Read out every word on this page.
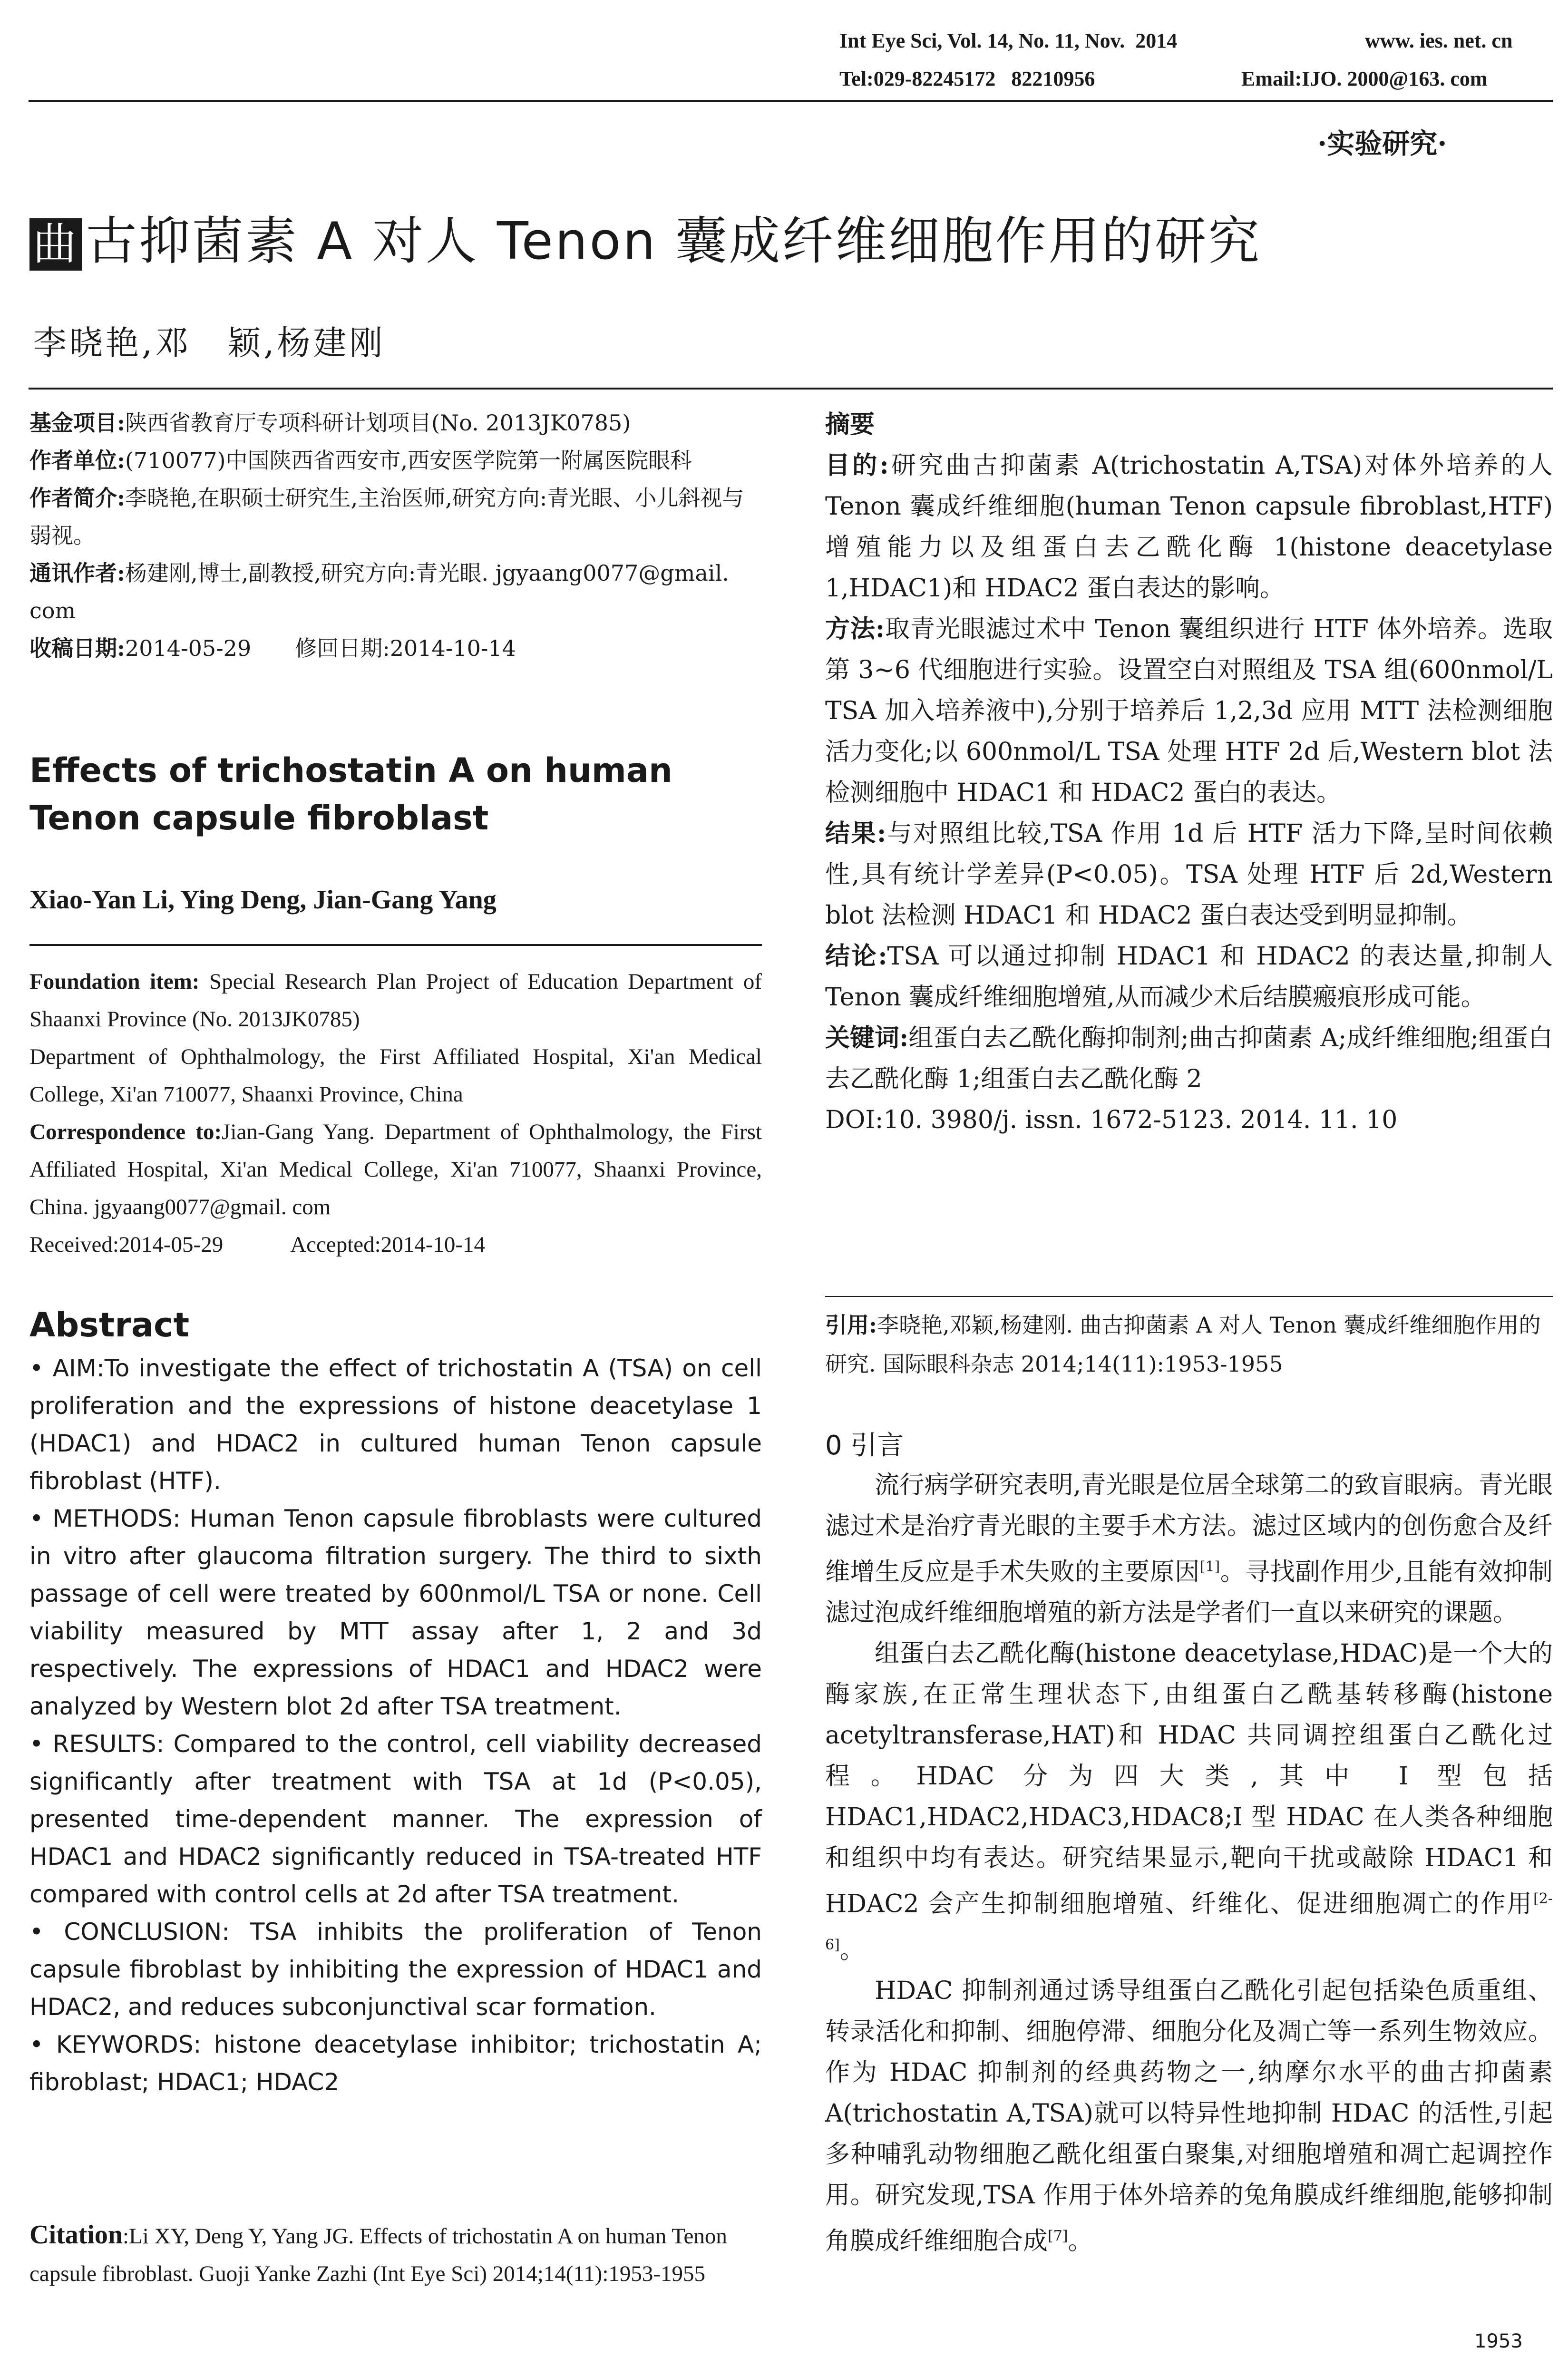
Int Eye Sci, Vol. 14, No. 11, Nov.  2014	www. ies. net. cn
Tel:029-82245172   82210956	Email:IJO. 2000@163. com
·实验研究·
曲 古抑菌素 A 对人 Tenon 囊成纤维细胞作用的研究
李晓艳,邓　颖,杨建刚

基金项目:陕西省教育厅专项科研计划项目(No. 2013JK0785)

作者单位:(710077)中国陕西省西安市,西安医学院第一附属医院眼科

作者简介:李晓艳,在职硕士研究生,主治医师,研究方向:青光眼、小儿斜视与弱视。

通讯作者:杨建刚,博士,副教授,研究方向:青光眼. jgyaang0077@gmail. com

收稿日期:2014-05-29　　修回日期:2014-10-14

Effects of trichostatin A on human Tenon capsule fibroblast
Xiao-Yan Li, Ying Deng, Jian-Gang Yang

Foundation item: Special Research Plan Project of Education Department of Shaanxi Province (No. 2013JK0785)

Department of Ophthalmology, the First Affiliated Hospital, Xi'an Medical College, Xi'an 710077, Shaanxi Province, China

Correspondence to:Jian-Gang Yang. Department of Ophthalmology, the First Affiliated Hospital, Xi'an Medical College, Xi'an 710077, Shaanxi Province, China. jgyaang0077@gmail. com

Received:2014-05-29　　　Accepted:2014-10-14

Abstract

• AIM:To investigate the effect of trichostatin A (TSA) on cell proliferation and the expressions of histone deacetylase 1 (HDAC1) and HDAC2 in cultured human Tenon capsule fibroblast (HTF).

• METHODS: Human Tenon capsule fibroblasts were cultured in vitro after glaucoma filtration surgery. The third to sixth passage of cell were treated by 600nmol/L TSA or none. Cell viability measured by MTT assay after 1, 2 and 3d respectively. The expressions of HDAC1 and HDAC2 were analyzed by Western blot 2d after TSA treatment.

• RESULTS: Compared to the control, cell viability decreased significantly after treatment with TSA at 1d (P<0.05), presented time-dependent manner. The expression of HDAC1 and HDAC2 significantly reduced in TSA-treated HTF compared with control cells at 2d after TSA treatment.

• CONCLUSION: TSA inhibits the proliferation of Tenon capsule fibroblast by inhibiting the expression of HDAC1 and HDAC2, and reduces subconjunctival scar formation.

• KEYWORDS: histone deacetylase inhibitor; trichostatin A; fibroblast; HDAC1; HDAC2

Citation:Li XY, Deng Y, Yang JG. Effects of trichostatin A on human Tenon capsule fibroblast. Guoji Yanke Zazhi (Int Eye Sci) 2014;14(11):1953-1955

摘要

目的:研究曲古抑菌素 A(trichostatin A,TSA)对体外培养的人 Tenon 囊成纤维细胞(human Tenon capsule fibroblast,HTF)增殖能力以及组蛋白去乙酰化酶 1(histone deacetylase 1,HDAC1)和 HDAC2 蛋白表达的影响。

方法:取青光眼滤过术中 Tenon 囊组织进行 HTF 体外培养。选取第 3~6 代细胞进行实验。设置空白对照组及 TSA 组(600nmol/L TSA 加入培养液中),分别于培养后 1,2,3d 应用 MTT 法检测细胞活力变化;以 600nmol/L TSA 处理 HTF 2d 后,Western blot 法检测细胞中 HDAC1 和 HDAC2 蛋白的表达。

结果:与对照组比较,TSA 作用 1d 后 HTF 活力下降,呈时间依赖性,具有统计学差异(P<0.05)。TSA 处理 HTF 后 2d,Western blot 法检测 HDAC1 和 HDAC2 蛋白表达受到明显抑制。

结论:TSA 可以通过抑制 HDAC1 和 HDAC2 的表达量,抑制人 Tenon 囊成纤维细胞增殖,从而减少术后结膜瘢痕形成可能。

关键词:组蛋白去乙酰化酶抑制剂;曲古抑菌素 A;成纤维细胞;组蛋白去乙酰化酶 1;组蛋白去乙酰化酶 2

DOI:10. 3980/j. issn. 1672-5123. 2014. 11. 10

引用:李晓艳,邓颖,杨建刚. 曲古抑菌素 A 对人 Tenon 囊成纤维细胞作用的研究. 国际眼科杂志 2014;14(11):1953-1955
0 引言

流行病学研究表明,青光眼是位居全球第二的致盲眼病。青光眼滤过术是治疗青光眼的主要手术方法。滤过区域内的创伤愈合及纤维增生反应是手术失败的主要原因[1]。寻找副作用少,且能有效抑制滤过泡成纤维细胞增殖的新方法是学者们一直以来研究的课题。

组蛋白去乙酰化酶(histone deacetylase,HDAC)是一个大的酶家族,在正常生理状态下,由组蛋白乙酰基转移酶(histone acetyltransferase,HAT)和 HDAC 共同调控组蛋白乙酰化过程。HDAC 分为四大类,其中 I 型包括 HDAC1,HDAC2,HDAC3,HDAC8;I 型 HDAC 在人类各种细胞和组织中均有表达。研究结果显示,靶向干扰或敲除 HDAC1 和 HDAC2 会产生抑制细胞增殖、纤维化、促进细胞凋亡的作用[2-6]。

HDAC 抑制剂通过诱导组蛋白乙酰化引起包括染色质重组、转录活化和抑制、细胞停滞、细胞分化及凋亡等一系列生物效应。作为 HDAC 抑制剂的经典药物之一,纳摩尔水平的曲古抑菌素 A(trichostatin A,TSA)就可以特异性地抑制 HDAC 的活性,引起多种哺乳动物细胞乙酰化组蛋白聚集,对细胞增殖和凋亡起调控作用。研究发现,TSA 作用于体外培养的兔角膜成纤维细胞,能够抑制角膜成纤维细胞合成[7]。

1953
